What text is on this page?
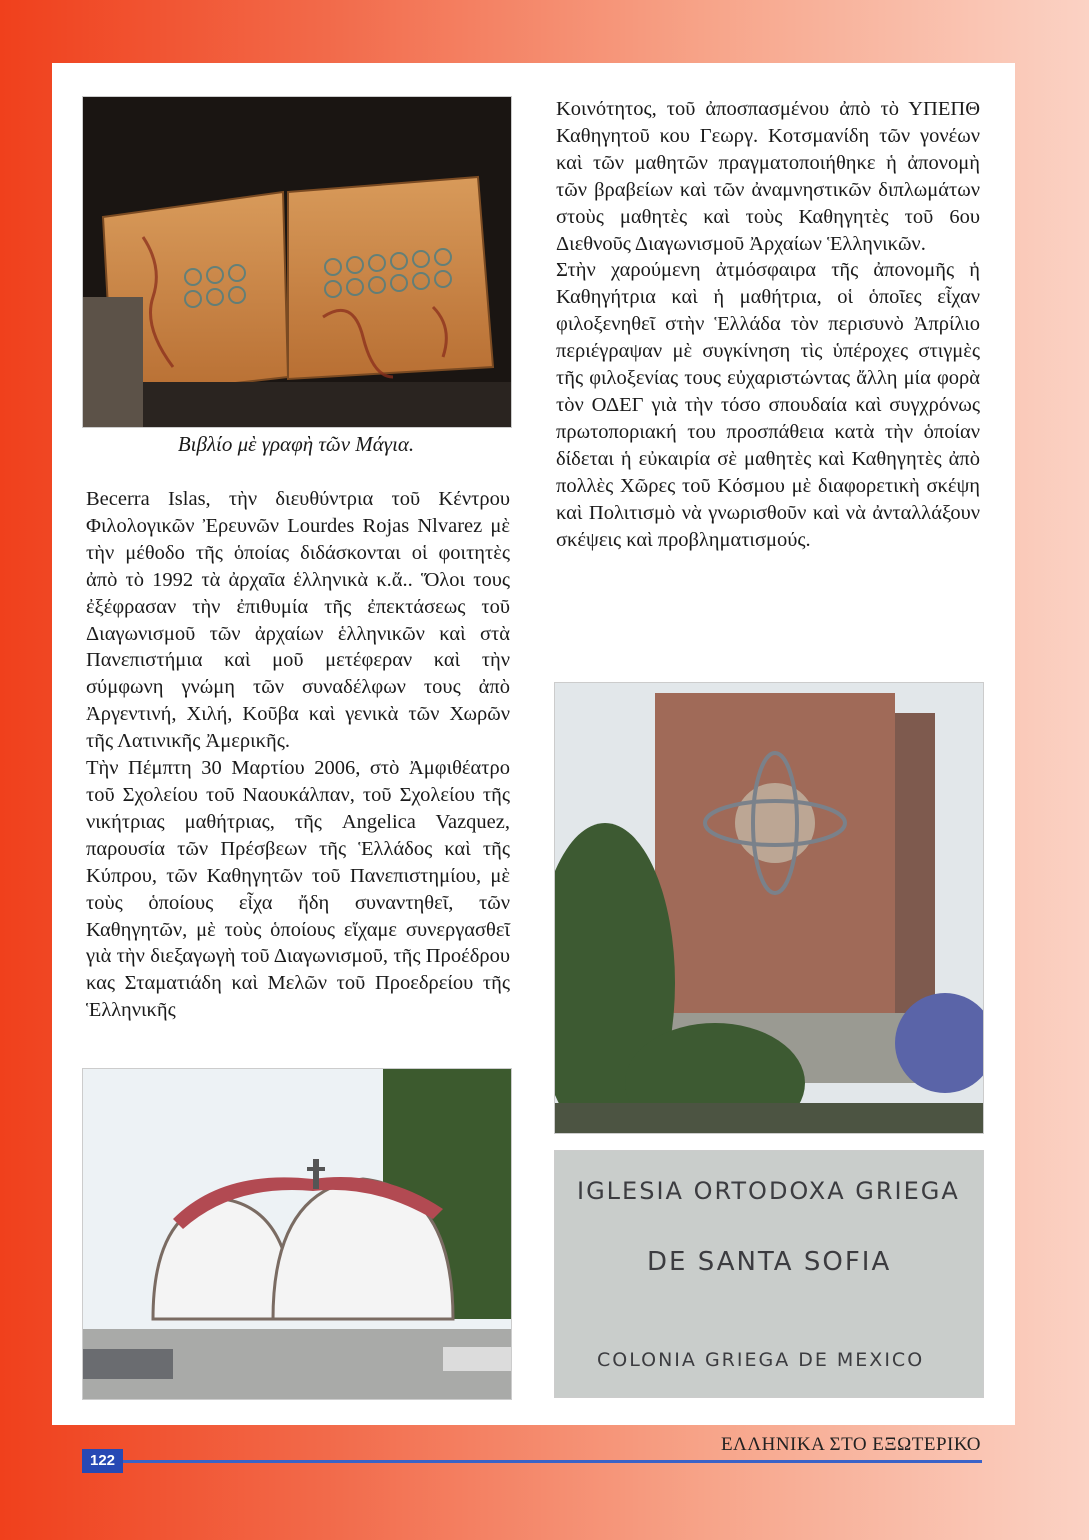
Βιβλίο μὲ γραφὴ τῶν Μάγια.

Becerra Islas, τὴν διευθύντρια τοῦ Κέντρου Φιλολογικῶν Ἐρευνῶν Lourdes Rojas Nlvarez μὲ τὴν μέθοδο τῆς ὁποίας διδάσκονται οἱ φοιτητὲς ἀπὸ τὸ 1992 τὰ ἀρχαῖα ἑλληνικὰ κ.ἄ.. Ὅλοι τους ἐξέφρασαν τὴν ἐπιθυμία τῆς ἐπεκτάσεως τοῦ Διαγωνισμοῦ τῶν ἀρχαίων ἑλληνικῶν καὶ στὰ Πανεπιστήμια καὶ μοῦ μετέφεραν καὶ τὴν σύμφωνη γνώμη τῶν συναδέλφων τους ἀπὸ Ἀργεντινή, Χιλή, Κοῦβα καὶ γενικὰ τῶν Χωρῶν τῆς Λατινικῆς Ἀμερικῆς.

Τὴν Πέμπτη 30 Μαρτίου 2006, στὸ Ἀμφιθέατρο τοῦ Σχολείου τοῦ Ναουκάλπαν, τοῦ Σχολείου τῆς νικήτριας μαθήτριας, τῆς Angelica Vazquez, παρουσία τῶν Πρέσβεων τῆς Ἑλλάδος καὶ τῆς Κύπρου, τῶν Καθηγητῶν τοῦ Πανεπιστημίου, μὲ τοὺς ὁποίους εἶχα ἤδη συναντηθεῖ, τῶν Καθηγητῶν, μὲ τοὺς ὁποίους εἴχαμε συνεργασθεῖ γιὰ τὴν διεξαγωγὴ τοῦ Διαγωνισμοῦ, τῆς Προέδρου κας Σταματιάδη καὶ Μελῶν τοῦ Προεδρείου τῆς Ἑλληνικῆς

Κοινότητος, τοῦ ἀποσπασμένου ἀπὸ τὸ ΥΠΕΠΘ Καθηγητοῦ κου Γεωργ. Κοτσμανίδη τῶν γονέων καὶ τῶν μαθητῶν πραγματοποιήθηκε ἡ ἀπονομὴ τῶν βραβείων καὶ τῶν ἀναμνηστικῶν διπλωμάτων στοὺς μαθητὲς καὶ τοὺς Καθηγητὲς τοῦ 6ου Διεθνοῦς Διαγωνισμοῦ Ἀρχαίων Ἑλληνικῶν.

Στὴν χαρούμενη ἀτμόσφαιρα τῆς ἀπονομῆς ἡ Καθηγήτρια καὶ ἡ μαθήτρια, οἱ ὁποῖες εἶχαν φιλοξενηθεῖ στὴν Ἑλλάδα τὸν περισυνὸ Ἀπρίλιο περιέγραψαν μὲ συγκίνηση τὶς ὑπέροχες στιγμὲς τῆς φιλοξενίας τους εὐχαριστώντας ἄλλη μία φορὰ τὸν ΟΔΕΓ γιὰ τὴν τόσο σπουδαία καὶ συγχρόνως πρωτοποριακή του προσπάθεια κατὰ τὴν ὁποίαν δίδεται ἡ εὐκαιρία σὲ μαθητὲς καὶ Καθηγητὲς ἀπὸ πολλὲς Χῶρες τοῦ Κόσμου μὲ διαφορετικὴ σκέψη καὶ Πολιτισμὸ νὰ γνωρισθοῦν καὶ νὰ ἀνταλλάξουν σκέψεις καὶ προβληματισμούς.

IGLESIA ORTODOXA GRIEGA
DE SANTA SOFIA
COLONIA GRIEGA DE MEXICO
122
ΕΛΛΗΝΙΚΑ ΣΤΟ ΕΞΩΤΕΡΙΚΟ
